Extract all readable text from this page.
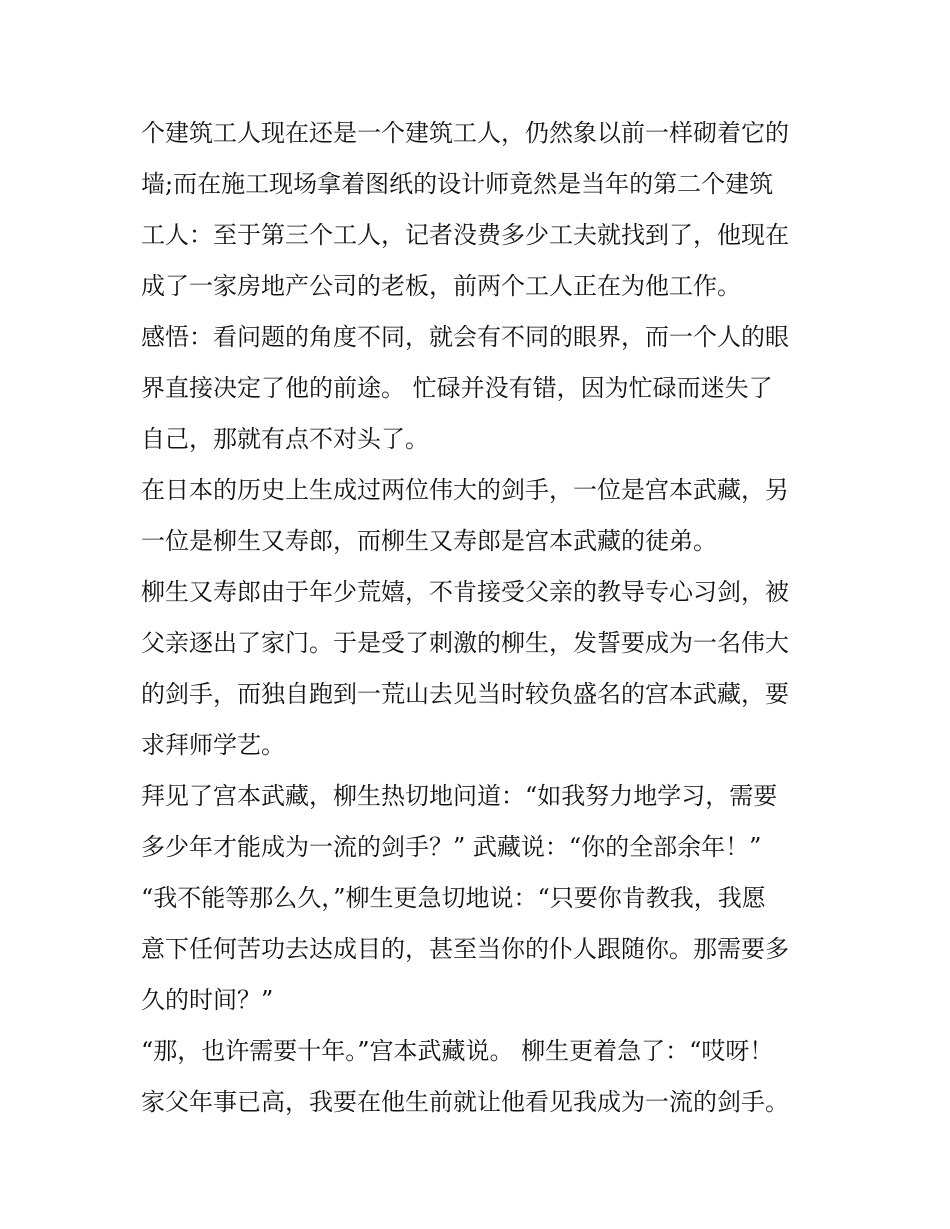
个建筑工人现在还是一个建筑工人，仍然象以前一样砌着它的
墙;而在施工现场拿着图纸的设计师竟然是当年的第二个建筑
工人：至于第三个工人，记者没费多少工夫就找到了，他现在
成了一家房地产公司的老板，前两个工人正在为他工作。
感悟：看问题的角度不同，就会有不同的眼界，而一个人的眼
界直接决定了他的前途。 忙碌并没有错，因为忙碌而迷失了
自己，那就有点不对头了。
在日本的历史上生成过两位伟大的剑手，一位是宫本武藏，另
一位是柳生又寿郎，而柳生又寿郎是宫本武藏的徒弟。
柳生又寿郎由于年少荒嬉，不肯接受父亲的教导专心习剑，被
父亲逐出了家门。于是受了刺激的柳生，发誓要成为一名伟大
的剑手，而独自跑到一荒山去见当时较负盛名的宫本武藏，要
求拜师学艺。
拜见了宫本武藏，柳生热切地问道：“如我努力地学习，需要
多少年才能成为一流的剑手？” 武藏说：“你的全部余年！”
“我不能等那么久，”柳生更急切地说：“只要你肯教我，我愿
意下任何苦功去达成目的，甚至当你的仆人跟随你。那需要多
久的时间？”
“那，也许需要十年。”宫本武藏说。 柳生更着急了：“哎呀！
家父年事已高，我要在他生前就让他看见我成为一流的剑手。
